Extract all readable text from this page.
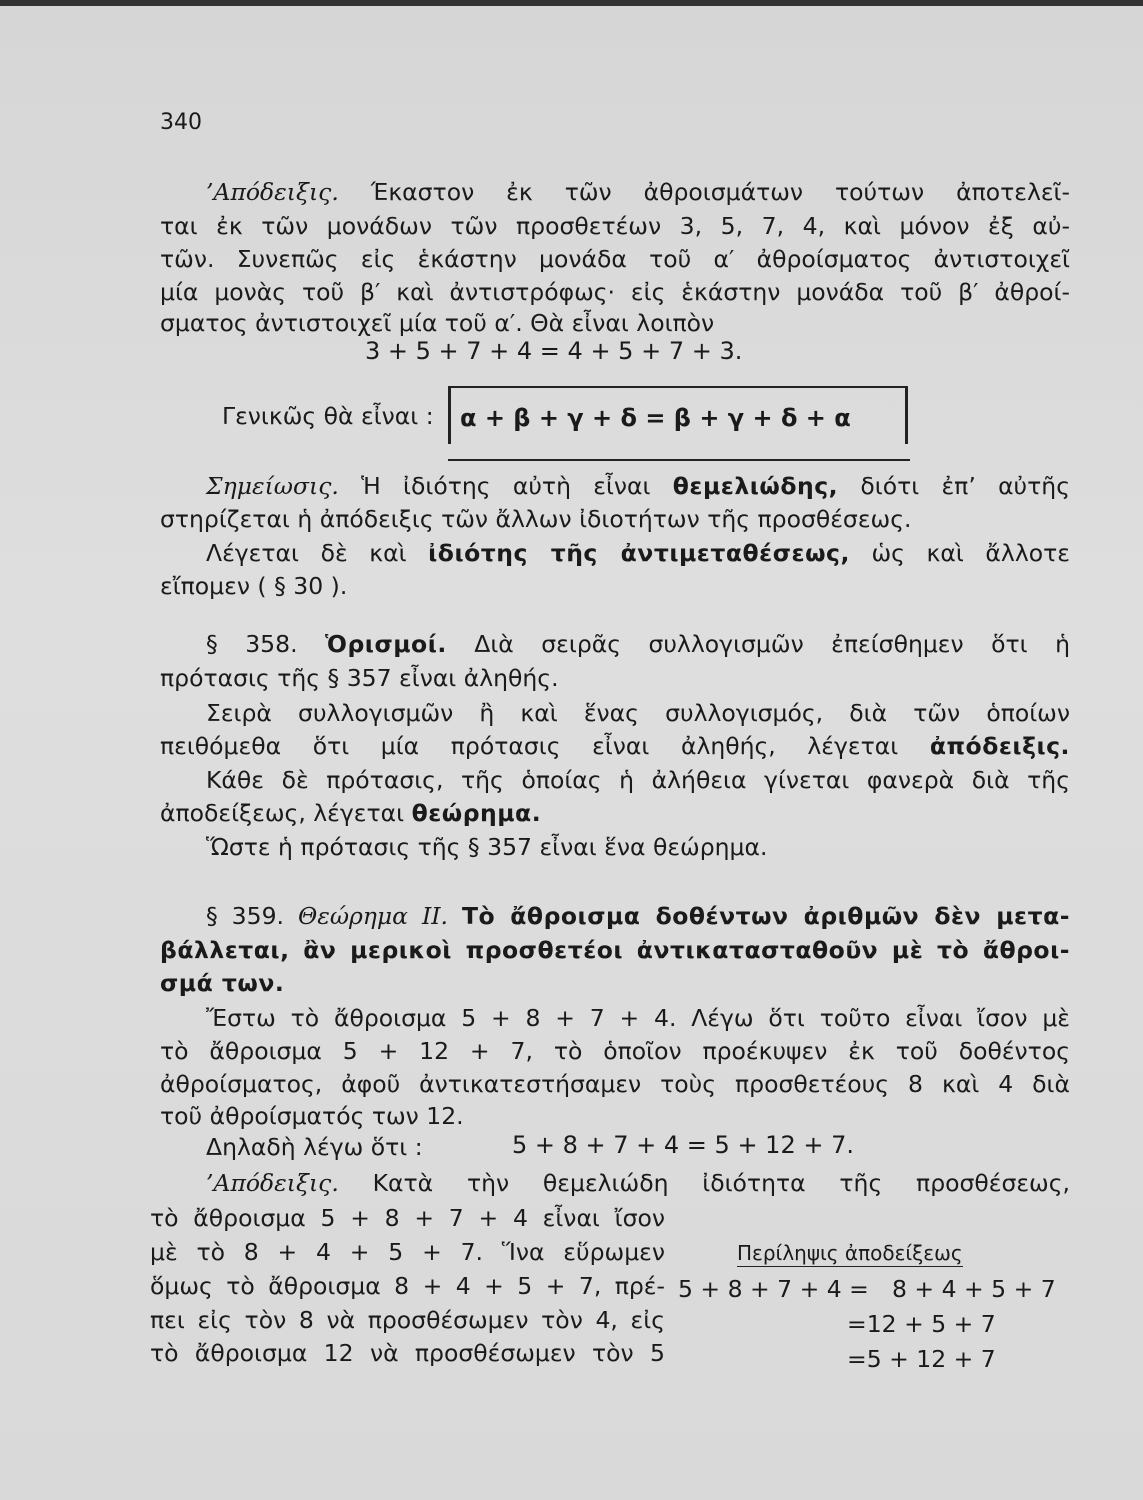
340
’Απόδειξις. Έκαστον ἐκ τῶν ἀθροισμάτων τούτων ἀποτελεῖ-
ται ἐκ τῶν μονάδων τῶν προσθετέων 3, 5, 7, 4, καὶ μόνον ἐξ αὐ-
τῶν. Συνεπῶς εἰς ἑκάστην μονάδα τοῦ α′ ἀθροίσματος ἀντιστοιχεῖ
μία μονὰς τοῦ β′ καὶ ἀντιστρόφως· εἰς ἑκάστην μονάδα τοῦ β′ ἀθροί-
σματος ἀντιστοιχεῖ μία τοῦ α′. Θὰ εἶναι λοιπὸν
3 + 5 + 7 + 4 = 4 + 5 + 7 + 3.
Γενικῶς θὰ εἶναι : α + β + γ + δ = β + γ + δ + α
Σημείωσις. Ἡ ἰδιότης αὐτὴ εἶναι θεμελιώδης, διότι ἐπ’ αὐτῆς
στηρίζεται ἡ ἀπόδειξις τῶν ἄλλων ἰδιοτήτων τῆς προσθέσεως.
Λέγεται δὲ καὶ ἰδιότης τῆς ἀντιμεταθέσεως, ὡς καὶ ἄλλοτε
εἴπομεν ( § 30 ).
§ 358. Ὁρισμοί. Διὰ σειρᾶς συλλογισμῶν ἐπείσθημεν ὅτι ἡ
πρότασις τῆς § 357 εἶναι ἀληθής.
Σειρὰ συλλογισμῶν ἢ καὶ ἕνας συλλογισμός, διὰ τῶν ὁποίων
πειθόμεθα ὅτι μία πρότασις εἶναι ἀληθής, λέγεται ἀπόδειξις.
Κάθε δὲ πρότασις, τῆς ὁποίας ἡ ἀλήθεια γίνεται φανερὰ διὰ τῆς
ἀποδείξεως, λέγεται θεώρημα.
Ὥστε ἡ πρότασις τῆς § 357 εἶναι ἕνα θεώρημα.
§ 359. Θεώρημα ΙΙ. Τὸ ἄθροισμα δοθέντων ἀριθμῶν δὲν μετα-
βάλλεται, ἂν μερικοὶ προσθετέοι ἀντικατασταθοῦν μὲ τὸ ἄθροι-
σμά των.
Ἔστω τὸ ἄθροισμα 5 + 8 + 7 + 4. Λέγω ὅτι τοῦτο εἶναι ἴσον μὲ
τὸ ἄθροισμα 5 + 12 + 7, τὸ ὁποῖον προέκυψεν ἐκ τοῦ δοθέντος
ἀθροίσματος, ἀφοῦ ἀντικατεστήσαμεν τοὺς προσθετέους 8 καὶ 4 διὰ
τοῦ ἀθροίσματός των 12.
Δηλαδὴ λέγω ὅτι :	5 + 8 + 7 + 4 = 5 + 12 + 7.
’Απόδειξις. Κατὰ τὴν θεμελιώδη ἰδιότητα τῆς προσθέσεως,
τὸ ἄθροισμα 5 + 8 + 7 + 4 εἶναι ἴσον
μὲ τὸ 8 + 4 + 5 + 7. Ἵνα εὕρωμεν
ὅμως τὸ ἄθροισμα 8 + 4 + 5 + 7, πρέ-
πει εἰς τὸν 8 νὰ προσθέσωμεν τὸν 4, εἰς
τὸ ἄθροισμα 12 νὰ προσθέσωμεν τὸν 5
Περίληψις ἀποδείξεως
5 + 8 + 7 + 4 = 8 + 4 + 5 + 7
=12 + 5 + 7
=5 + 12 + 7
